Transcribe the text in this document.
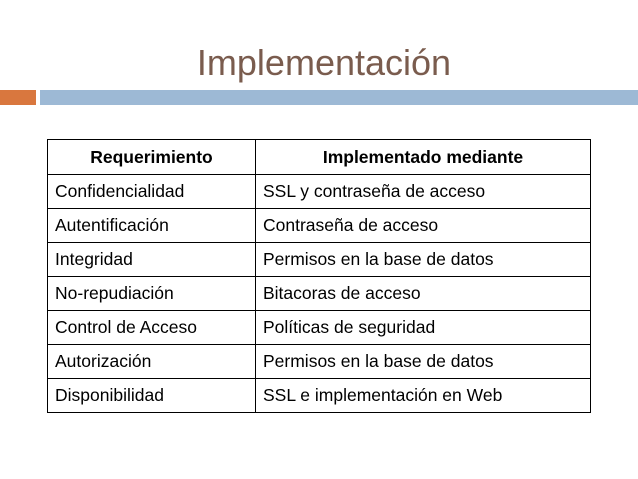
Implementación
Requerimiento	Implementado mediante
Confidencialidad	SSL y contraseña de acceso
Autentificación	Contraseña de acceso
Integridad	Permisos en la base de datos
No-repudiación	Bitacoras de acceso
Control de Acceso	Políticas de seguridad
Autorización	Permisos en la base de datos
Disponibilidad	SSL e implementación en Web
